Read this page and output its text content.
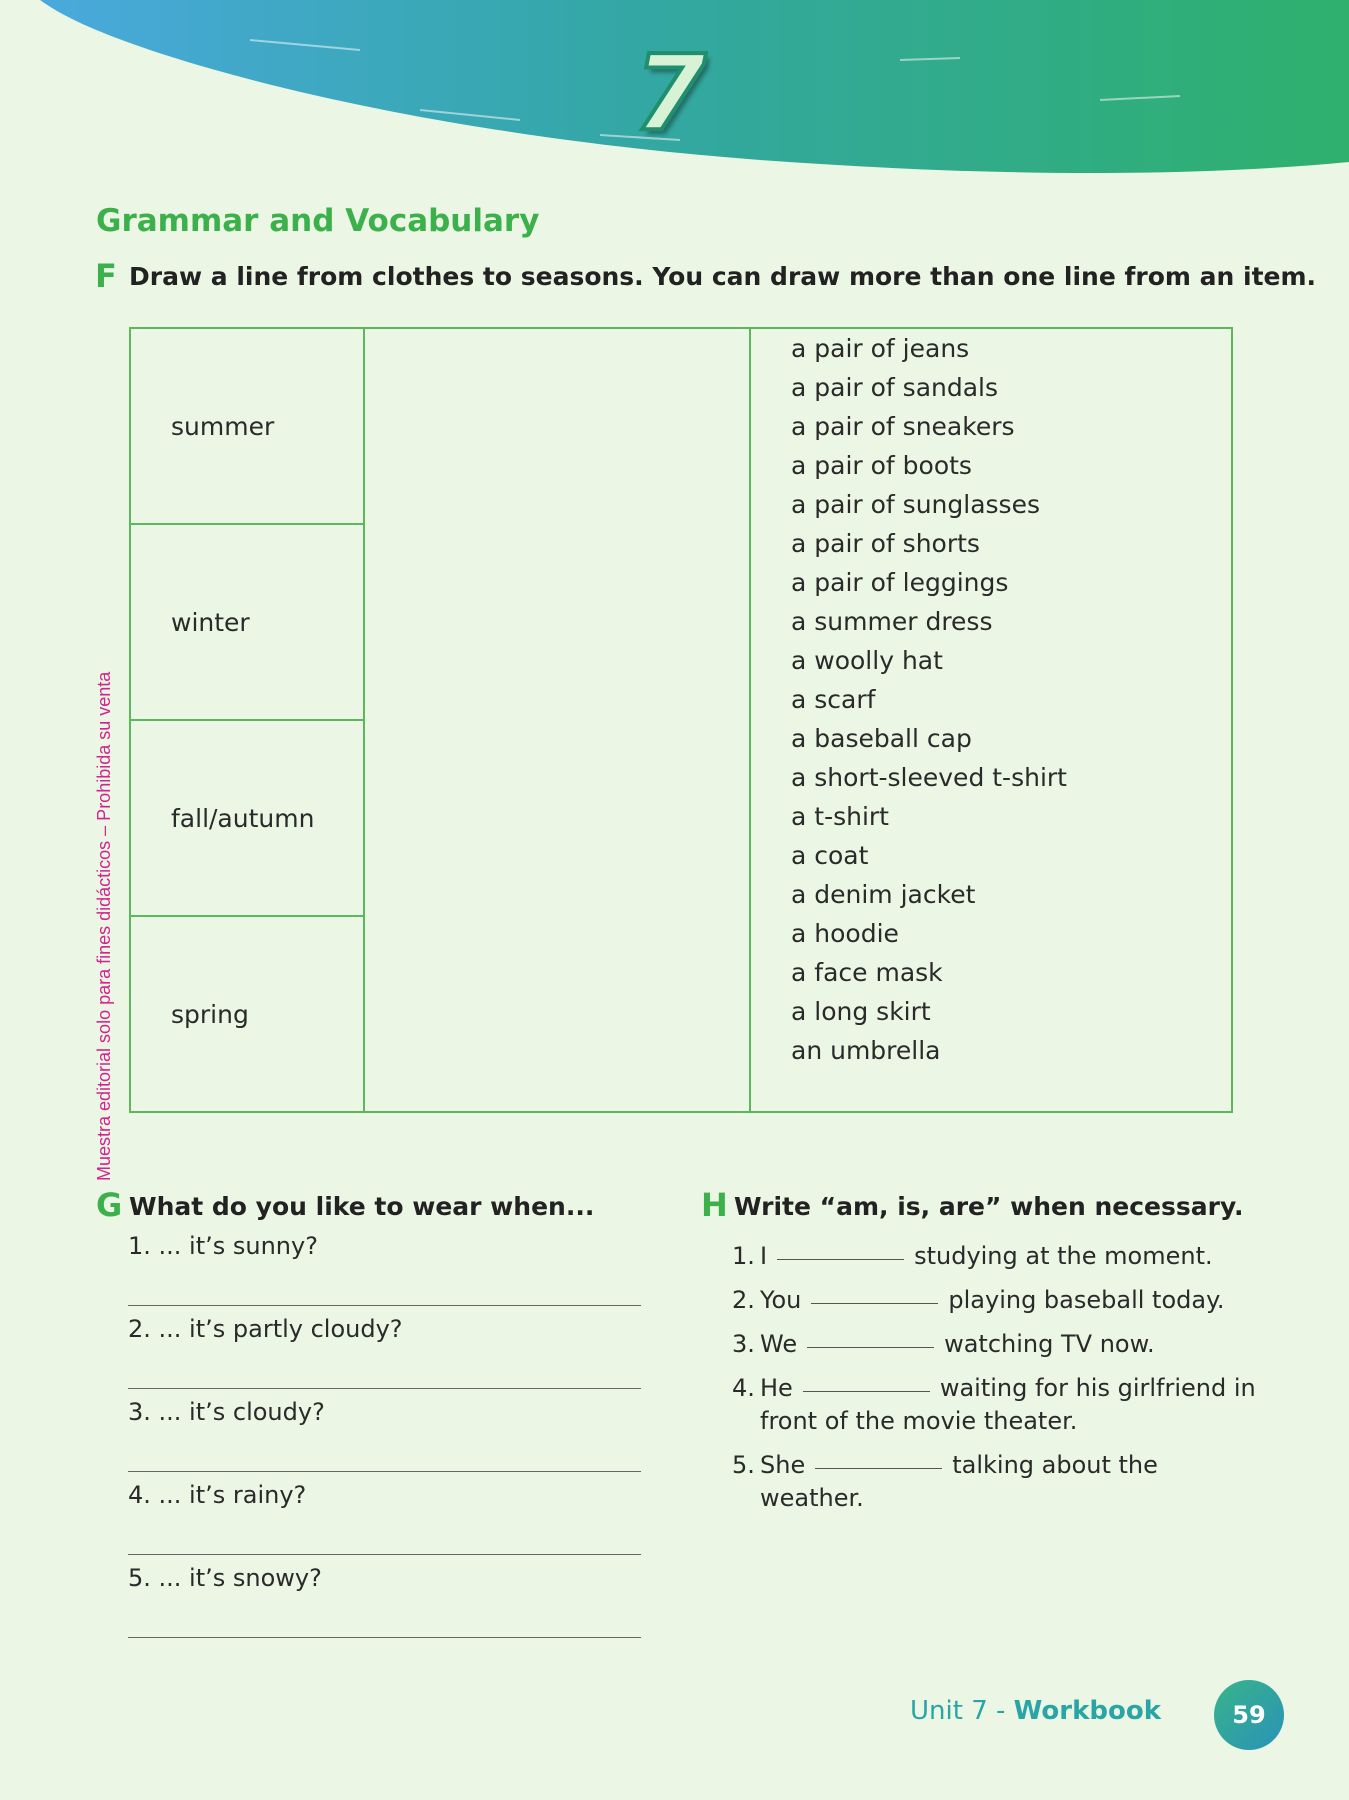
7
Grammar and Vocabulary
F Draw a line from clothes to seasons. You can draw more than one line from an item.
summer
winter
fall/autumn
spring
a pair of jeans
a pair of sandals
a pair of sneakers
a pair of boots
a pair of sunglasses
a pair of shorts
a pair of leggings
a summer dress
a woolly hat
a scarf
a baseball cap
a short-sleeved t-shirt
a t-shirt
a coat
a denim jacket
a hoodie
a face mask
a long skirt
an umbrella
Muestra editorial solo para fines didácticos – Prohibida su venta
G What do you like to wear when...
1. ... it’s sunny?
2. ... it’s partly cloudy?
3. ... it’s cloudy?
4. ... it’s rainy?
5. ... it’s snowy?
H Write “am, is, are” when necessary.
1. I	studying at the moment.
2. You	playing baseball today.
3. We	watching TV now.
4. He	waiting for his girlfriend in
front of the movie theater.
5. She	talking about the
weather.
Unit 7 - Workbook	59
